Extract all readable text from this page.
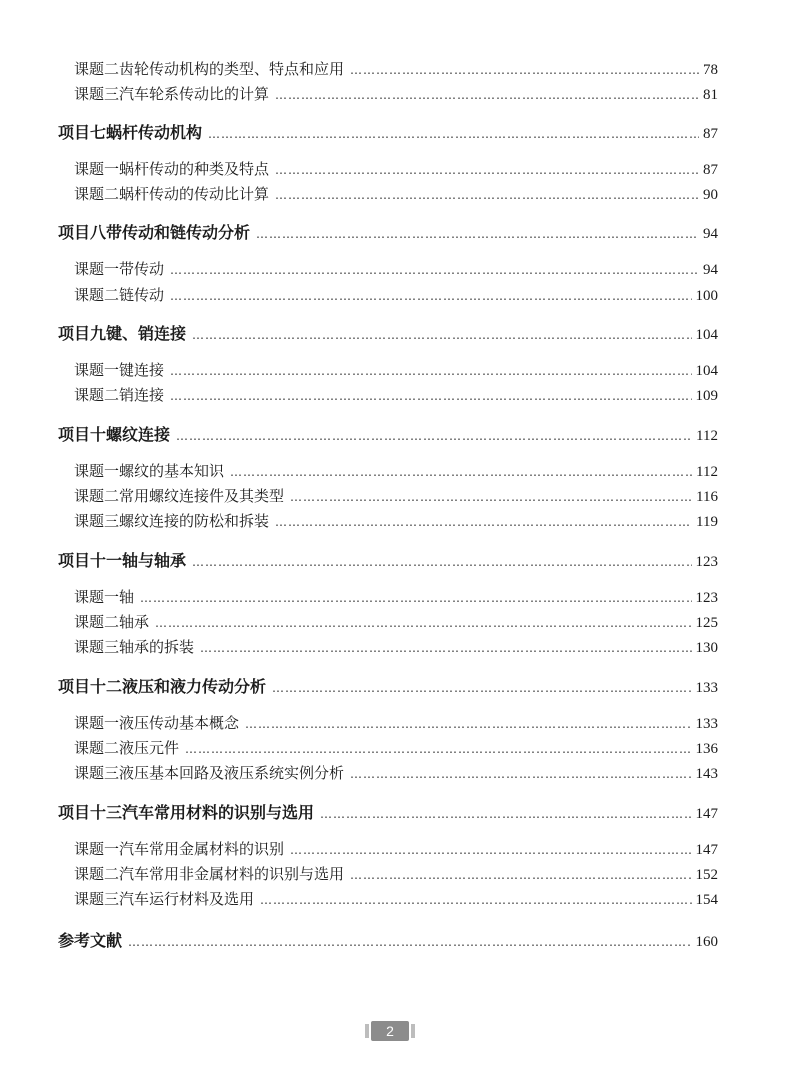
课题二 齿轮传动机构的类型、特点和应用 ……………………………………………………………………………………………………………………………………………………………………………………………………………	78
课题三 汽车轮系传动比的计算 ……………………………………………………………………………………………………………………………………………………………………………………………………………	81
项目七 蜗杆传动机构 ……………………………………………………………………………………………………………………………………………………………………………………………………………	87
课题一 蜗杆传动的种类及特点 ……………………………………………………………………………………………………………………………………………………………………………………………………………	87
课题二 蜗杆传动的传动比计算 ……………………………………………………………………………………………………………………………………………………………………………………………………………	90
项目八 带传动和链传动分析 ……………………………………………………………………………………………………………………………………………………………………………………………………………	94
课题一 带传动 ……………………………………………………………………………………………………………………………………………………………………………………………………………	94
课题二 链传动 ……………………………………………………………………………………………………………………………………………………………………………………………………………	100
项目九 键、销连接 ……………………………………………………………………………………………………………………………………………………………………………………………………………	104
课题一 键连接 ……………………………………………………………………………………………………………………………………………………………………………………………………………	104
课题二 销连接 ……………………………………………………………………………………………………………………………………………………………………………………………………………	109
项目十 螺纹连接 ……………………………………………………………………………………………………………………………………………………………………………………………………………	112
课题一 螺纹的基本知识 ……………………………………………………………………………………………………………………………………………………………………………………………………………	112
课题二 常用螺纹连接件及其类型 ……………………………………………………………………………………………………………………………………………………………………………………………………………	116
课题三 螺纹连接的防松和拆装 ……………………………………………………………………………………………………………………………………………………………………………………………………………	119
项目十一 轴与轴承 ……………………………………………………………………………………………………………………………………………………………………………………………………………	123
课题一 轴 ……………………………………………………………………………………………………………………………………………………………………………………………………………	123
课题二 轴承 ……………………………………………………………………………………………………………………………………………………………………………………………………………	125
课题三 轴承的拆装 ……………………………………………………………………………………………………………………………………………………………………………………………………………	130
项目十二 液压和液力传动分析 ……………………………………………………………………………………………………………………………………………………………………………………………………………	133
课题一 液压传动基本概念 ……………………………………………………………………………………………………………………………………………………………………………………………………………	133
课题二 液压元件 ……………………………………………………………………………………………………………………………………………………………………………………………………………	136
课题三 液压基本回路及液压系统实例分析 ……………………………………………………………………………………………………………………………………………………………………………………………………………	143
项目十三 汽车常用材料的识别与选用 ……………………………………………………………………………………………………………………………………………………………………………………………………………	147
课题一 汽车常用金属材料的识别 ……………………………………………………………………………………………………………………………………………………………………………………………………………	147
课题二 汽车常用非金属材料的识别与选用 ……………………………………………………………………………………………………………………………………………………………………………………………………………	152
课题三 汽车运行材料及选用 ……………………………………………………………………………………………………………………………………………………………………………………………………………	154
参考文献 ……………………………………………………………………………………………………………………………………………………………………………………………………………	160
2
